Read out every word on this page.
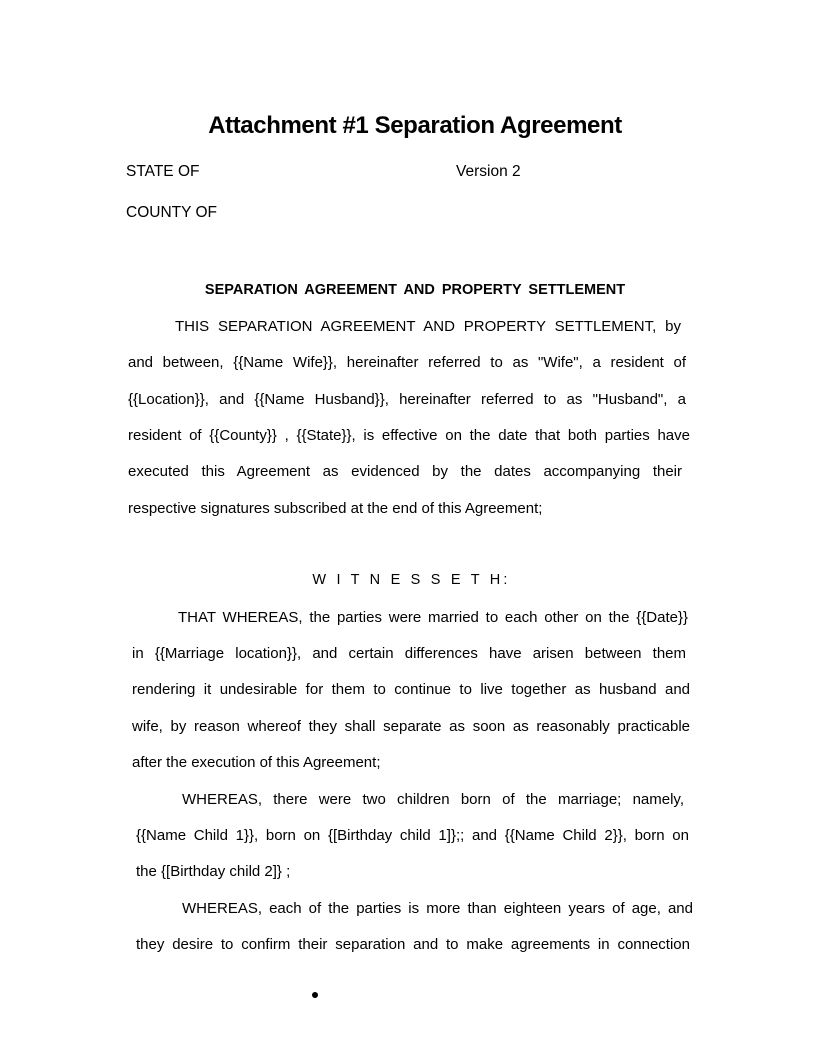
Attachment #1 Separation Agreement
STATE OF	Version 2
COUNTY OF
SEPARATION AGREEMENT AND PROPERTY SETTLEMENT
THIS SEPARATION AGREEMENT AND PROPERTY SETTLEMENT, by
and between, {{Name Wife}}, hereinafter referred to as "Wife", a resident of
{{Location}}, and {{Name Husband}}, hereinafter referred to as "Husband", a
resident of {{County}} , {{State}}, is effective on the date that both parties have
executed this Agreement as evidenced by the dates accompanying their
respective signatures subscribed at the end of this Agreement;
W I T N E S S E T H:
THAT WHEREAS, the parties were married to each other on the {{Date}}
in {{Marriage location}}, and certain differences have arisen between them
rendering it undesirable for them to continue to live together as husband and
wife, by reason whereof they shall separate as soon as reasonably practicable
after the execution of this Agreement;
WHEREAS, there were two children born of the marriage; namely,
{{Name Child 1}}, born on {[Birthday child 1]};; and {{Name Child 2}}, born on
the {[Birthday child 2]} ;
WHEREAS, each of the parties is more than eighteen years of age, and
they desire to confirm their separation and to make agreements in connection
